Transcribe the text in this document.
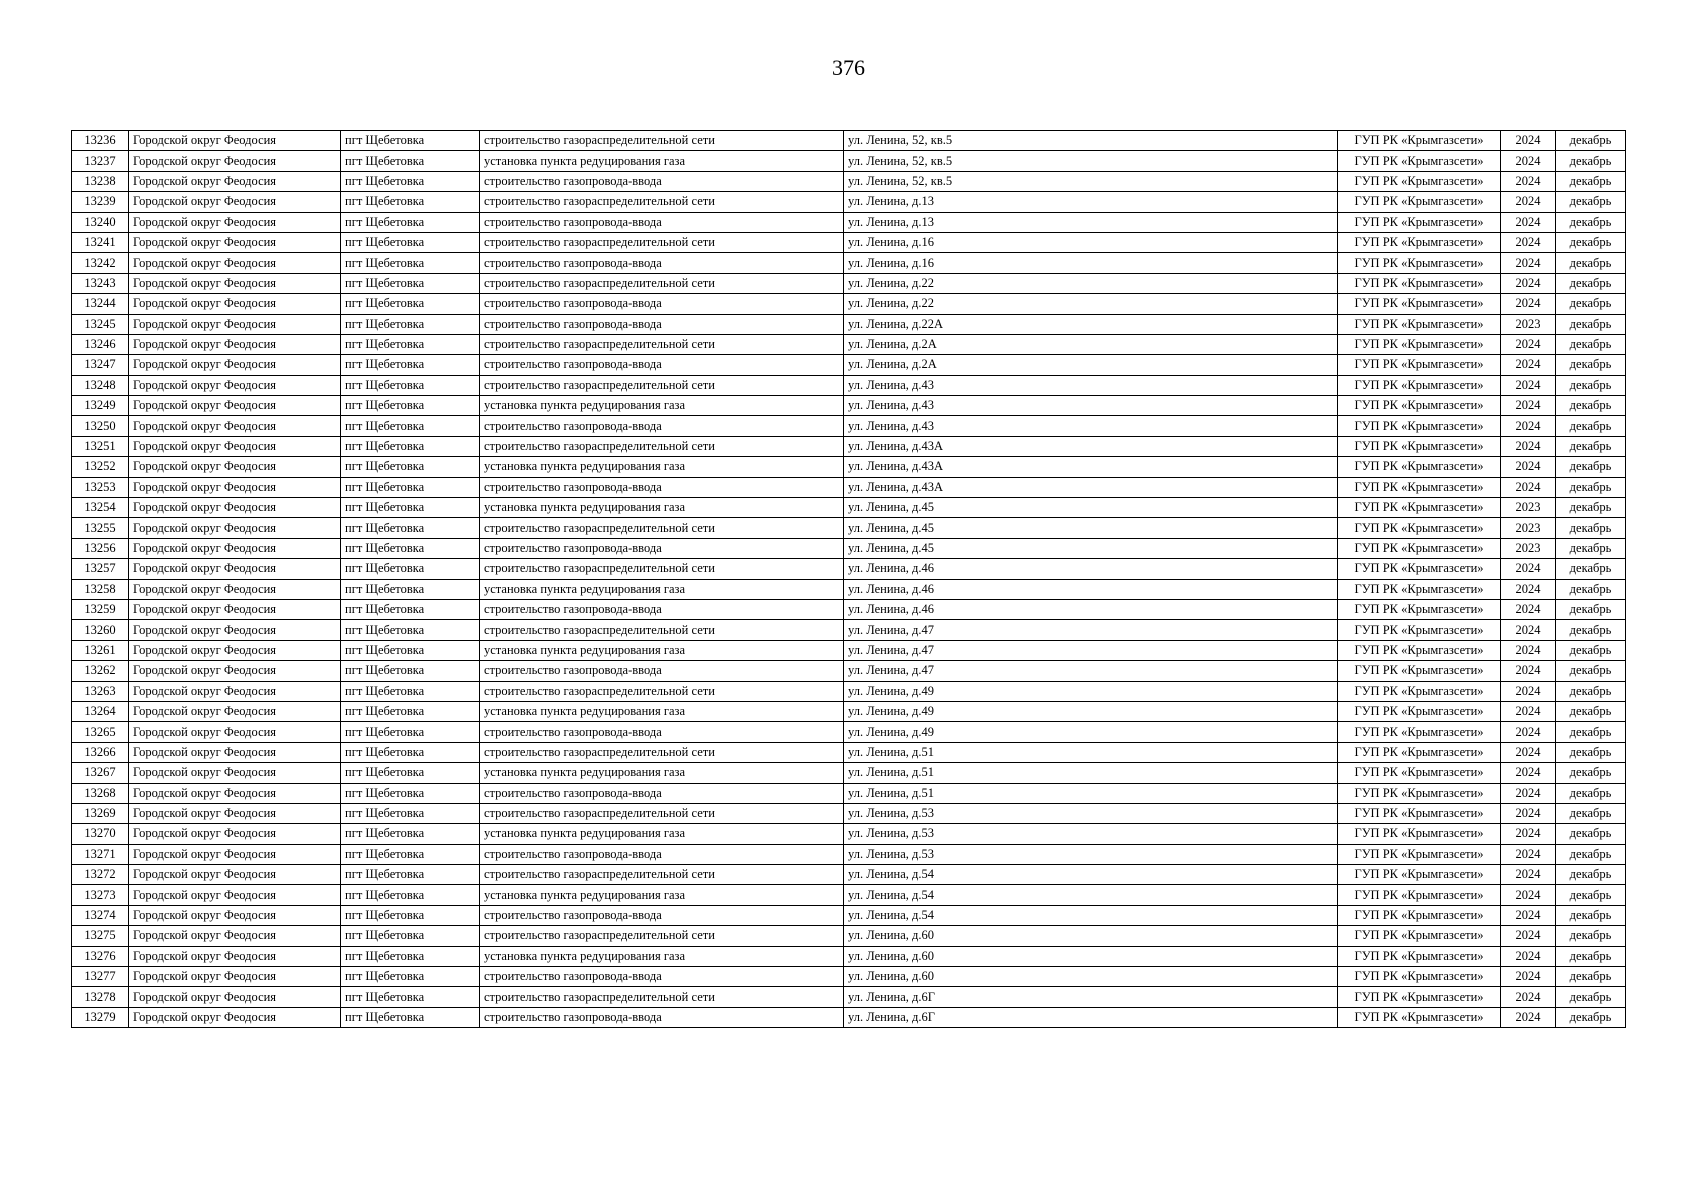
376
13236	Городской округ Феодосия	пгт Щебетовка	строительство газораспределительной сети	ул. Ленина, 52, кв.5	ГУП РК «Крымгазсети»	2024	декабрь
13237	Городской округ Феодосия	пгт Щебетовка	установка пункта редуцирования газа	ул. Ленина, 52, кв.5	ГУП РК «Крымгазсети»	2024	декабрь
13238	Городской округ Феодосия	пгт Щебетовка	строительство газопровода-ввода	ул. Ленина, 52, кв.5	ГУП РК «Крымгазсети»	2024	декабрь
13239	Городской округ Феодосия	пгт Щебетовка	строительство газораспределительной сети	ул. Ленина, д.13	ГУП РК «Крымгазсети»	2024	декабрь
13240	Городской округ Феодосия	пгт Щебетовка	строительство газопровода-ввода	ул. Ленина, д.13	ГУП РК «Крымгазсети»	2024	декабрь
13241	Городской округ Феодосия	пгт Щебетовка	строительство газораспределительной сети	ул. Ленина, д.16	ГУП РК «Крымгазсети»	2024	декабрь
13242	Городской округ Феодосия	пгт Щебетовка	строительство газопровода-ввода	ул. Ленина, д.16	ГУП РК «Крымгазсети»	2024	декабрь
13243	Городской округ Феодосия	пгт Щебетовка	строительство газораспределительной сети	ул. Ленина, д.22	ГУП РК «Крымгазсети»	2024	декабрь
13244	Городской округ Феодосия	пгт Щебетовка	строительство газопровода-ввода	ул. Ленина, д.22	ГУП РК «Крымгазсети»	2024	декабрь
13245	Городской округ Феодосия	пгт Щебетовка	строительство газопровода-ввода	ул. Ленина, д.22А	ГУП РК «Крымгазсети»	2023	декабрь
13246	Городской округ Феодосия	пгт Щебетовка	строительство газораспределительной сети	ул. Ленина, д.2А	ГУП РК «Крымгазсети»	2024	декабрь
13247	Городской округ Феодосия	пгт Щебетовка	строительство газопровода-ввода	ул. Ленина, д.2А	ГУП РК «Крымгазсети»	2024	декабрь
13248	Городской округ Феодосия	пгт Щебетовка	строительство газораспределительной сети	ул. Ленина, д.43	ГУП РК «Крымгазсети»	2024	декабрь
13249	Городской округ Феодосия	пгт Щебетовка	установка пункта редуцирования газа	ул. Ленина, д.43	ГУП РК «Крымгазсети»	2024	декабрь
13250	Городской округ Феодосия	пгт Щебетовка	строительство газопровода-ввода	ул. Ленина, д.43	ГУП РК «Крымгазсети»	2024	декабрь
13251	Городской округ Феодосия	пгт Щебетовка	строительство газораспределительной сети	ул. Ленина, д.43А	ГУП РК «Крымгазсети»	2024	декабрь
13252	Городской округ Феодосия	пгт Щебетовка	установка пункта редуцирования газа	ул. Ленина, д.43А	ГУП РК «Крымгазсети»	2024	декабрь
13253	Городской округ Феодосия	пгт Щебетовка	строительство газопровода-ввода	ул. Ленина, д.43А	ГУП РК «Крымгазсети»	2024	декабрь
13254	Городской округ Феодосия	пгт Щебетовка	установка пункта редуцирования газа	ул. Ленина, д.45	ГУП РК «Крымгазсети»	2023	декабрь
13255	Городской округ Феодосия	пгт Щебетовка	строительство газораспределительной сети	ул. Ленина, д.45	ГУП РК «Крымгазсети»	2023	декабрь
13256	Городской округ Феодосия	пгт Щебетовка	строительство газопровода-ввода	ул. Ленина, д.45	ГУП РК «Крымгазсети»	2023	декабрь
13257	Городской округ Феодосия	пгт Щебетовка	строительство газораспределительной сети	ул. Ленина, д.46	ГУП РК «Крымгазсети»	2024	декабрь
13258	Городской округ Феодосия	пгт Щебетовка	установка пункта редуцирования газа	ул. Ленина, д.46	ГУП РК «Крымгазсети»	2024	декабрь
13259	Городской округ Феодосия	пгт Щебетовка	строительство газопровода-ввода	ул. Ленина, д.46	ГУП РК «Крымгазсети»	2024	декабрь
13260	Городской округ Феодосия	пгт Щебетовка	строительство газораспределительной сети	ул. Ленина, д.47	ГУП РК «Крымгазсети»	2024	декабрь
13261	Городской округ Феодосия	пгт Щебетовка	установка пункта редуцирования газа	ул. Ленина, д.47	ГУП РК «Крымгазсети»	2024	декабрь
13262	Городской округ Феодосия	пгт Щебетовка	строительство газопровода-ввода	ул. Ленина, д.47	ГУП РК «Крымгазсети»	2024	декабрь
13263	Городской округ Феодосия	пгт Щебетовка	строительство газораспределительной сети	ул. Ленина, д.49	ГУП РК «Крымгазсети»	2024	декабрь
13264	Городской округ Феодосия	пгт Щебетовка	установка пункта редуцирования газа	ул. Ленина, д.49	ГУП РК «Крымгазсети»	2024	декабрь
13265	Городской округ Феодосия	пгт Щебетовка	строительство газопровода-ввода	ул. Ленина, д.49	ГУП РК «Крымгазсети»	2024	декабрь
13266	Городской округ Феодосия	пгт Щебетовка	строительство газораспределительной сети	ул. Ленина, д.51	ГУП РК «Крымгазсети»	2024	декабрь
13267	Городской округ Феодосия	пгт Щебетовка	установка пункта редуцирования газа	ул. Ленина, д.51	ГУП РК «Крымгазсети»	2024	декабрь
13268	Городской округ Феодосия	пгт Щебетовка	строительство газопровода-ввода	ул. Ленина, д.51	ГУП РК «Крымгазсети»	2024	декабрь
13269	Городской округ Феодосия	пгт Щебетовка	строительство газораспределительной сети	ул. Ленина, д.53	ГУП РК «Крымгазсети»	2024	декабрь
13270	Городской округ Феодосия	пгт Щебетовка	установка пункта редуцирования газа	ул. Ленина, д.53	ГУП РК «Крымгазсети»	2024	декабрь
13271	Городской округ Феодосия	пгт Щебетовка	строительство газопровода-ввода	ул. Ленина, д.53	ГУП РК «Крымгазсети»	2024	декабрь
13272	Городской округ Феодосия	пгт Щебетовка	строительство газораспределительной сети	ул. Ленина, д.54	ГУП РК «Крымгазсети»	2024	декабрь
13273	Городской округ Феодосия	пгт Щебетовка	установка пункта редуцирования газа	ул. Ленина, д.54	ГУП РК «Крымгазсети»	2024	декабрь
13274	Городской округ Феодосия	пгт Щебетовка	строительство газопровода-ввода	ул. Ленина, д.54	ГУП РК «Крымгазсети»	2024	декабрь
13275	Городской округ Феодосия	пгт Щебетовка	строительство газораспределительной сети	ул. Ленина, д.60	ГУП РК «Крымгазсети»	2024	декабрь
13276	Городской округ Феодосия	пгт Щебетовка	установка пункта редуцирования газа	ул. Ленина, д.60	ГУП РК «Крымгазсети»	2024	декабрь
13277	Городской округ Феодосия	пгт Щебетовка	строительство газопровода-ввода	ул. Ленина, д.60	ГУП РК «Крымгазсети»	2024	декабрь
13278	Городской округ Феодосия	пгт Щебетовка	строительство газораспределительной сети	ул. Ленина, д.6Г	ГУП РК «Крымгазсети»	2024	декабрь
13279	Городской округ Феодосия	пгт Щебетовка	строительство газопровода-ввода	ул. Ленина, д.6Г	ГУП РК «Крымгазсети»	2024	декабрь
